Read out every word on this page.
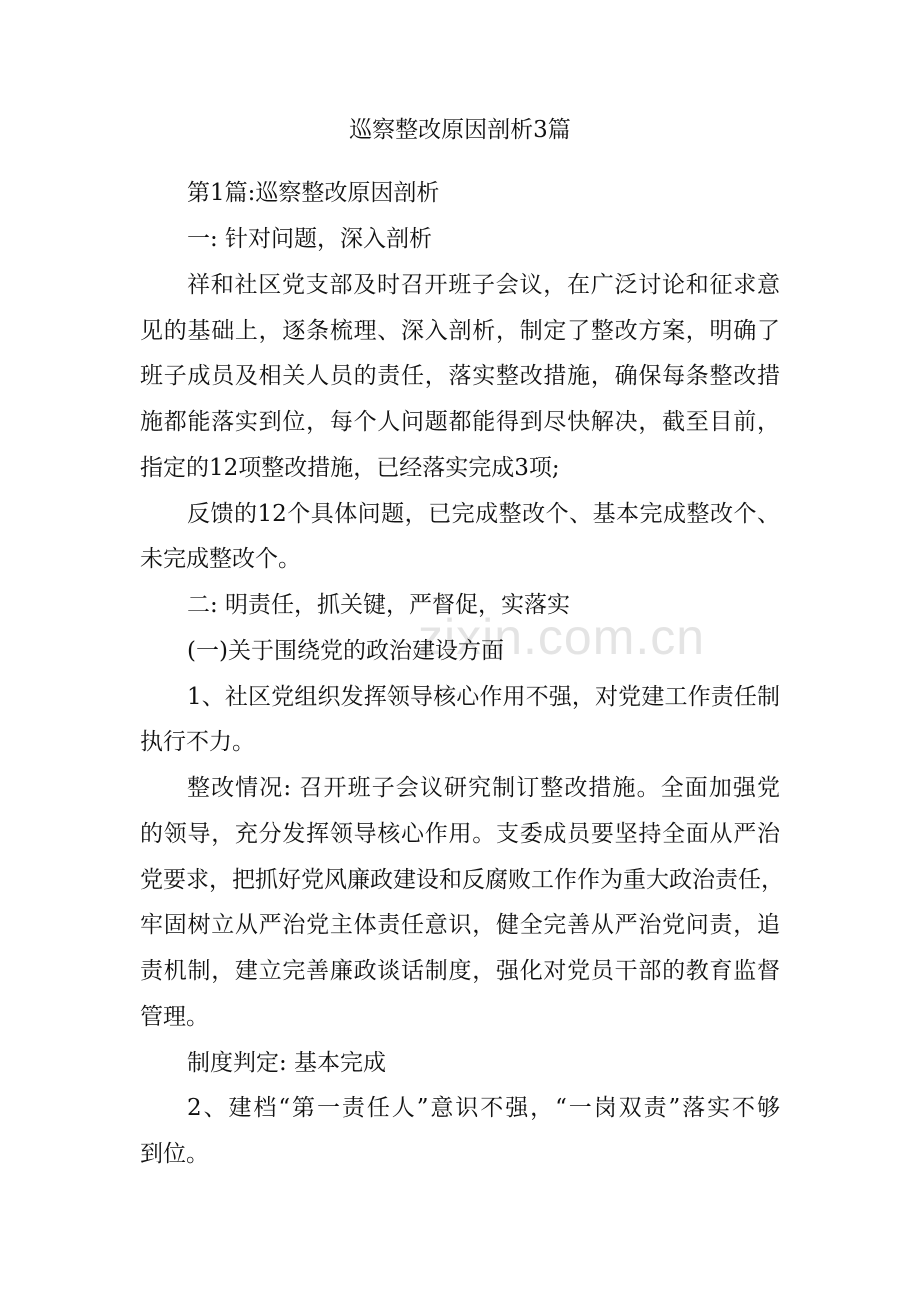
zixin.com.cn
巡察整改原因剖析3篇
第1篇:巡察整改原因剖析
一: 针对问题，深入剖析
祥和社区党支部及时召开班子会议，在广泛讨论和征求意
见的基础上，逐条梳理、深入剖析，制定了整改方案，明确了
班子成员及相关人员的责任，落实整改措施，确保每条整改措
施都能落实到位，每个人问题都能得到尽快解决，截至目前，
指定的12项整改措施，已经落实完成3项;
反馈的12个具体问题，已完成整改个、基本完成整改个、
未完成整改个。
二: 明责任，抓关键，严督促，实落实
(一)关于围绕党的政治建设方面
1、社区党组织发挥领导核心作用不强，对党建工作责任制
执行不力。
整改情况: 召开班子会议研究制订整改措施。全面加强党
的领导，充分发挥领导核心作用。支委成员要坚持全面从严治
党要求，把抓好党风廉政建设和反腐败工作作为重大政治责任，
牢固树立从严治党主体责任意识，健全完善从严治党问责，追
责机制，建立完善廉政谈话制度，强化对党员干部的教育监督
管理。
制度判定: 基本完成
2、建档“第一责任人”意识不强，“一岗双责”落实不够
到位。
